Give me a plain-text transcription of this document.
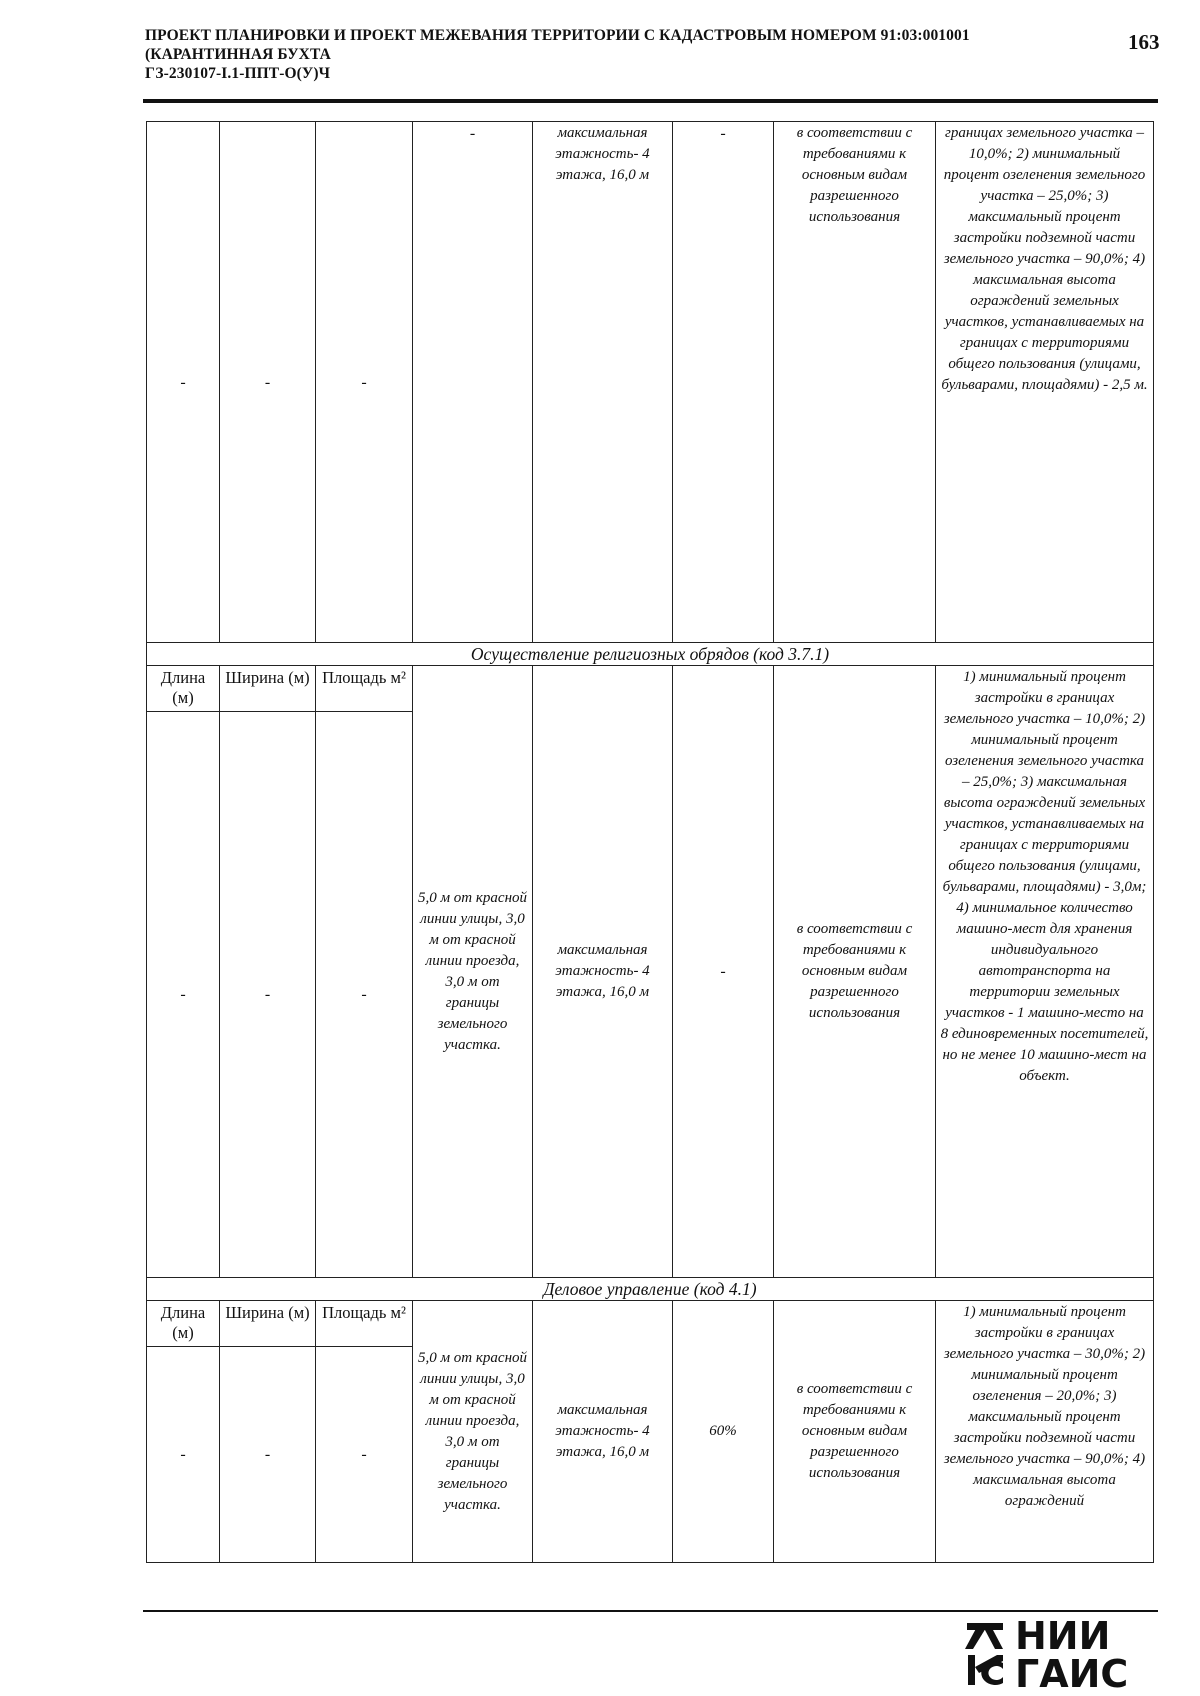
ПРОЕКТ ПЛАНИРОВКИ И ПРОЕКТ МЕЖЕВАНИЯ ТЕРРИТОРИИ С КАДАСТРОВЫМ НОМЕРОМ 91:03:001001
(КАРАНТИННАЯ БУХТА
ГЗ-230107-I.1-ППТ-О(У)Ч
163
-	-	-	-	максимальная этажность- 4 этажа, 16,0 м	-	в соответствии с требованиями к основным видам разрешенного использования	границах земельного участка – 10,0%; 2) минимальный процент озеленения земельного участка – 25,0%; 3) максимальный процент застройки подземной части земельного участка – 90,0%; 4) максимальная высота ограждений земельных участков, устанавливаемых на границах с территориями общего пользования (улицами, бульварами, площадями) - 2,5 м.
Осуществление религиозных обрядов (код 3.7.1)							
Длина (м)	Ширина (м)	Площадь м²	5,0 м от красной линии улицы, 3,0 м от красной линии проезда, 3,0 м от границы земельного участка.	максимальная этажность- 4 этажа, 16,0 м	-	в соответствии с требованиями к основным видам разрешенного использования	1) минимальный процент застройки в границах земельного участка – 10,0%; 2) минимальный процент озеленения земельного участка – 25,0%; 3) максимальная высота ограждений земельных участков, устанавливаемых на границах с территориями общего пользования (улицами, бульварами, площадями) - 3,0м; 4) минимальное количество машино-мест для хранения индивидуального автотранспорта на территории земельных участков - 1 машино-место на 8 единовременных посетителей, но не менее 10 машино-мест на объект.
-	-	-					
Деловое управление (код 4.1)							
Длина (м)	Ширина (м)	Площадь м²	5,0 м от красной линии улицы, 3,0 м от красной линии проезда, 3,0 м от границы земельного участка.	максимальная этажность- 4 этажа, 16,0 м	60%	в соответствии с требованиями к основным видам разрешенного использования	1) минимальный процент застройки в границах земельного участка – 30,0%; 2) минимальный процент озеленения – 20,0%; 3) максимальный процент застройки подземной части земельного участка – 90,0%; 4) максимальная высота ограждений
-	-	-					
НИИ
ГАИС
